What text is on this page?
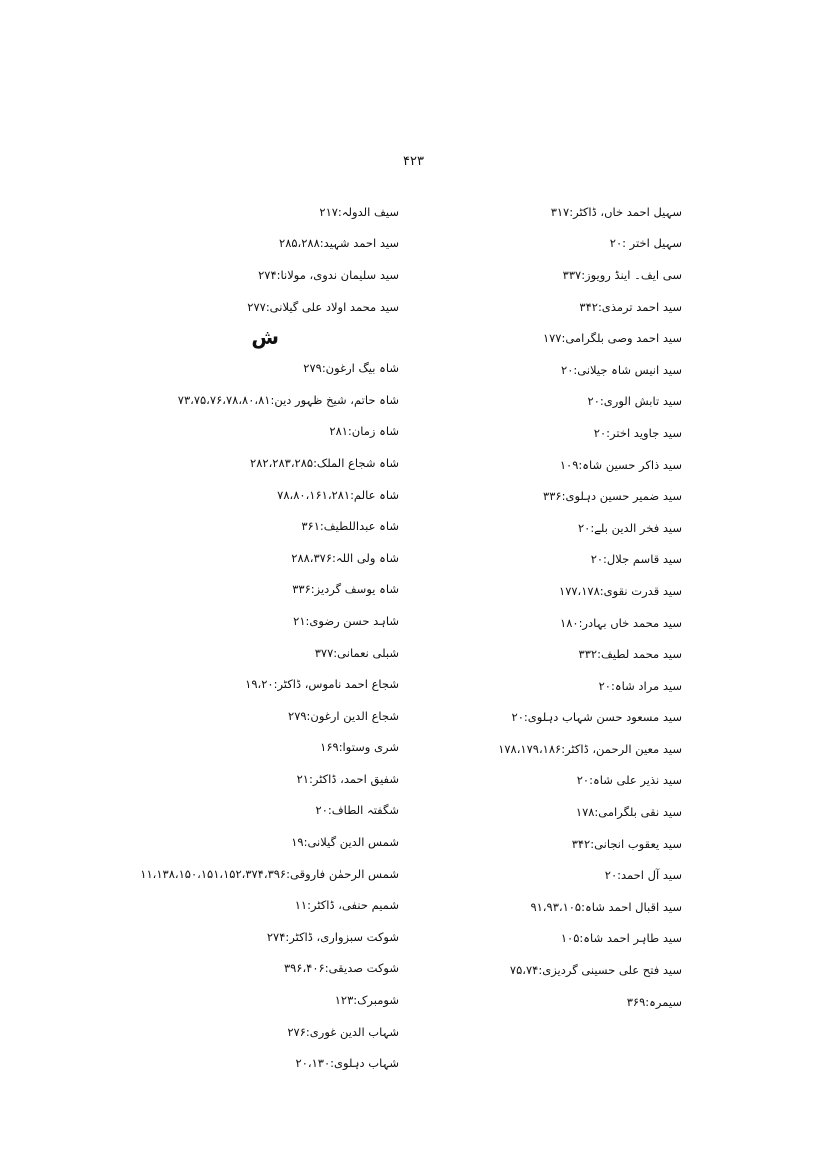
۴۲۳
سہیل احمد خاں، ڈاکٹر:۳۱۷
سہیل اختر :۲۰
سی ایف۔ اینڈ رویوز:۳۳۷
سید احمد ترمذی:۳۴۲
سید احمد وصی بلگرامی:۱۷۷
سید انیس شاہ جیلانی:۲۰
سید تابش الوری:۲۰
سید جاوید اختر:۲۰
سید ذاکر حسین شاہ:۱۰۹
سید ضمیر حسین دہلوی:۳۳۶
سید فخر الدین بلے:۲۰
سید قاسم جلال:۲۰
سید قدرت نقوی:۱۷۷،۱۷۸
سید محمد خاں بہادر:۱۸۰
سید محمد لطیف:۳۳۲
سید مراد شاہ:۲۰
سید مسعود حسن شہاب دہلوی:۲۰
سید معین الرحمن، ڈاکٹر:۱۷۸،۱۷۹،۱۸۶
سید نذیر علی شاہ:۲۰
سید نقی بلگرامی:۱۷۸
سید یعقوب انجانی:۳۴۲
سید آل احمد:۲۰
سید اقبال احمد شاہ:۹۱،۹۳،۱۰۵
سید طاہر احمد شاہ:۱۰۵
سید فتح علی حسینی گردیزی:۷۵،۷۴
سیمرہ:۳۶۹
سیف الدولہ:۲۱۷
سید احمد شہید:۲۸۵،۲۸۸
سید سلیمان ندوی، مولانا:۲۷۴
سید محمد اولاد علی گیلانی:۲۷۷
ش
شاہ بیگ ارغون:۲۷۹
شاہ حاتم، شیخ ظہور دین:۷۳،۷۵،۷۶،۷۸،۸۰،۸۱
شاہ زمان:۲۸۱
شاہ شجاع الملک:۲۸۲،۲۸۳،۲۸۵
شاہ عالم:۷۸،۸۰،۱۶۱،۲۸۱
شاہ عبداللطیف:۳۶۱
شاہ ولی اللہ:۲۸۸،۳۷۶
شاہ یوسف گردیز:۳۳۶
شاہد حسن رضوی:۲۱
شبلی نعمانی:۳۷۷
شجاع احمد ناموس، ڈاکٹر:۱۹،۲۰
شجاع الدین ارغون:۲۷۹
شری وستوا:۱۶۹
شفیق احمد، ڈاکٹر:۲۱
شگفتہ الطاف:۲۰
شمس الدین گیلانی:۱۹
شمس الرحمٰن فاروقی:۱۱،۱۳۸،۱۵۰،۱۵۱،۱۵۲،۳۷۴،۳۹۶
شمیم حنفی، ڈاکٹر:۱۱
شوکت سبزواری، ڈاکٹر:۲۷۴
شوکت صدیقی:۳۹۶،۴۰۶
شومبرک:۱۲۳
شہاب الدین غوری:۲۷۶
شہاب دہلوی:۲۰،۱۳۰
